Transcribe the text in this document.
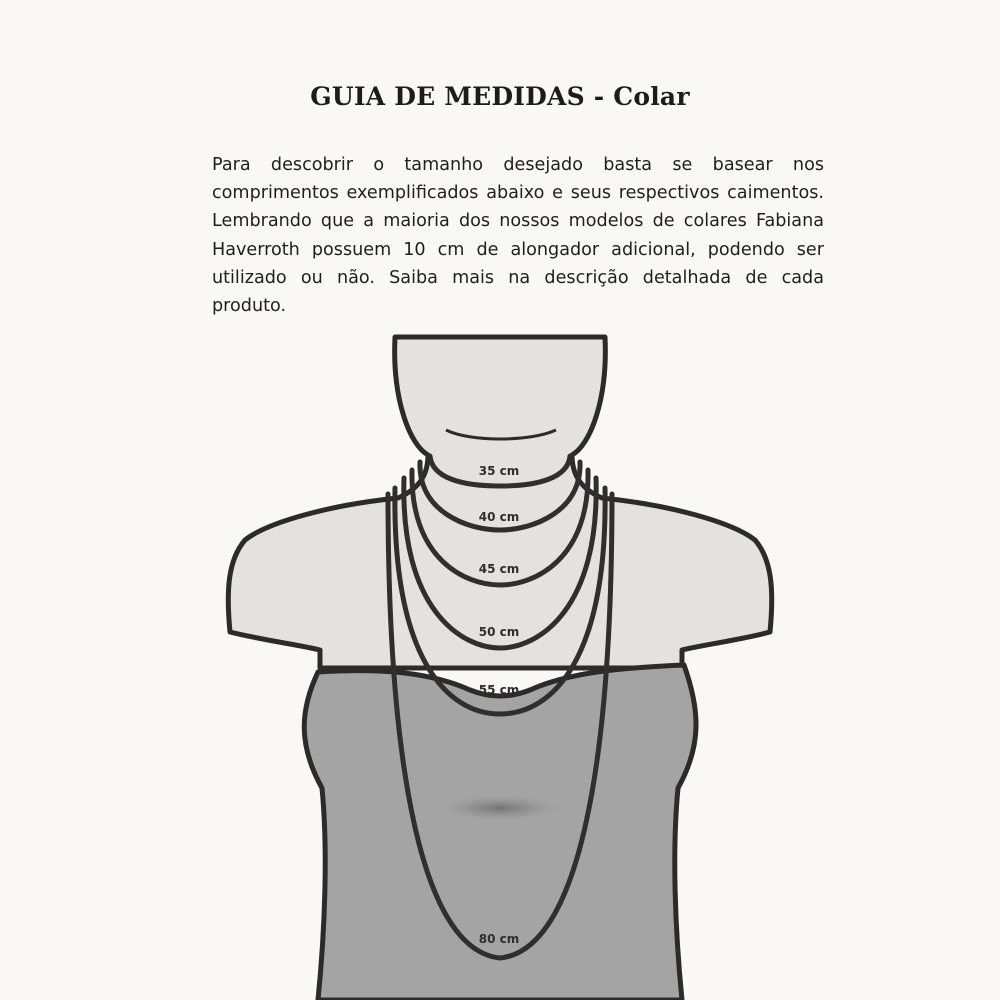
GUIA DE MEDIDAS - Colar

Para descobrir o tamanho desejado basta se basear nos comprimentos exemplificados abaixo e seus respectivos caimentos. Lembrando que a maioria dos nossos modelos de colares Fabiana Haverroth possuem 10 cm de alongador adicional, podendo ser utilizado ou não. Saiba mais na descrição detalhada de cada produto.

35 cm
40 cm
45 cm
50 cm
55 cm
80 cm
